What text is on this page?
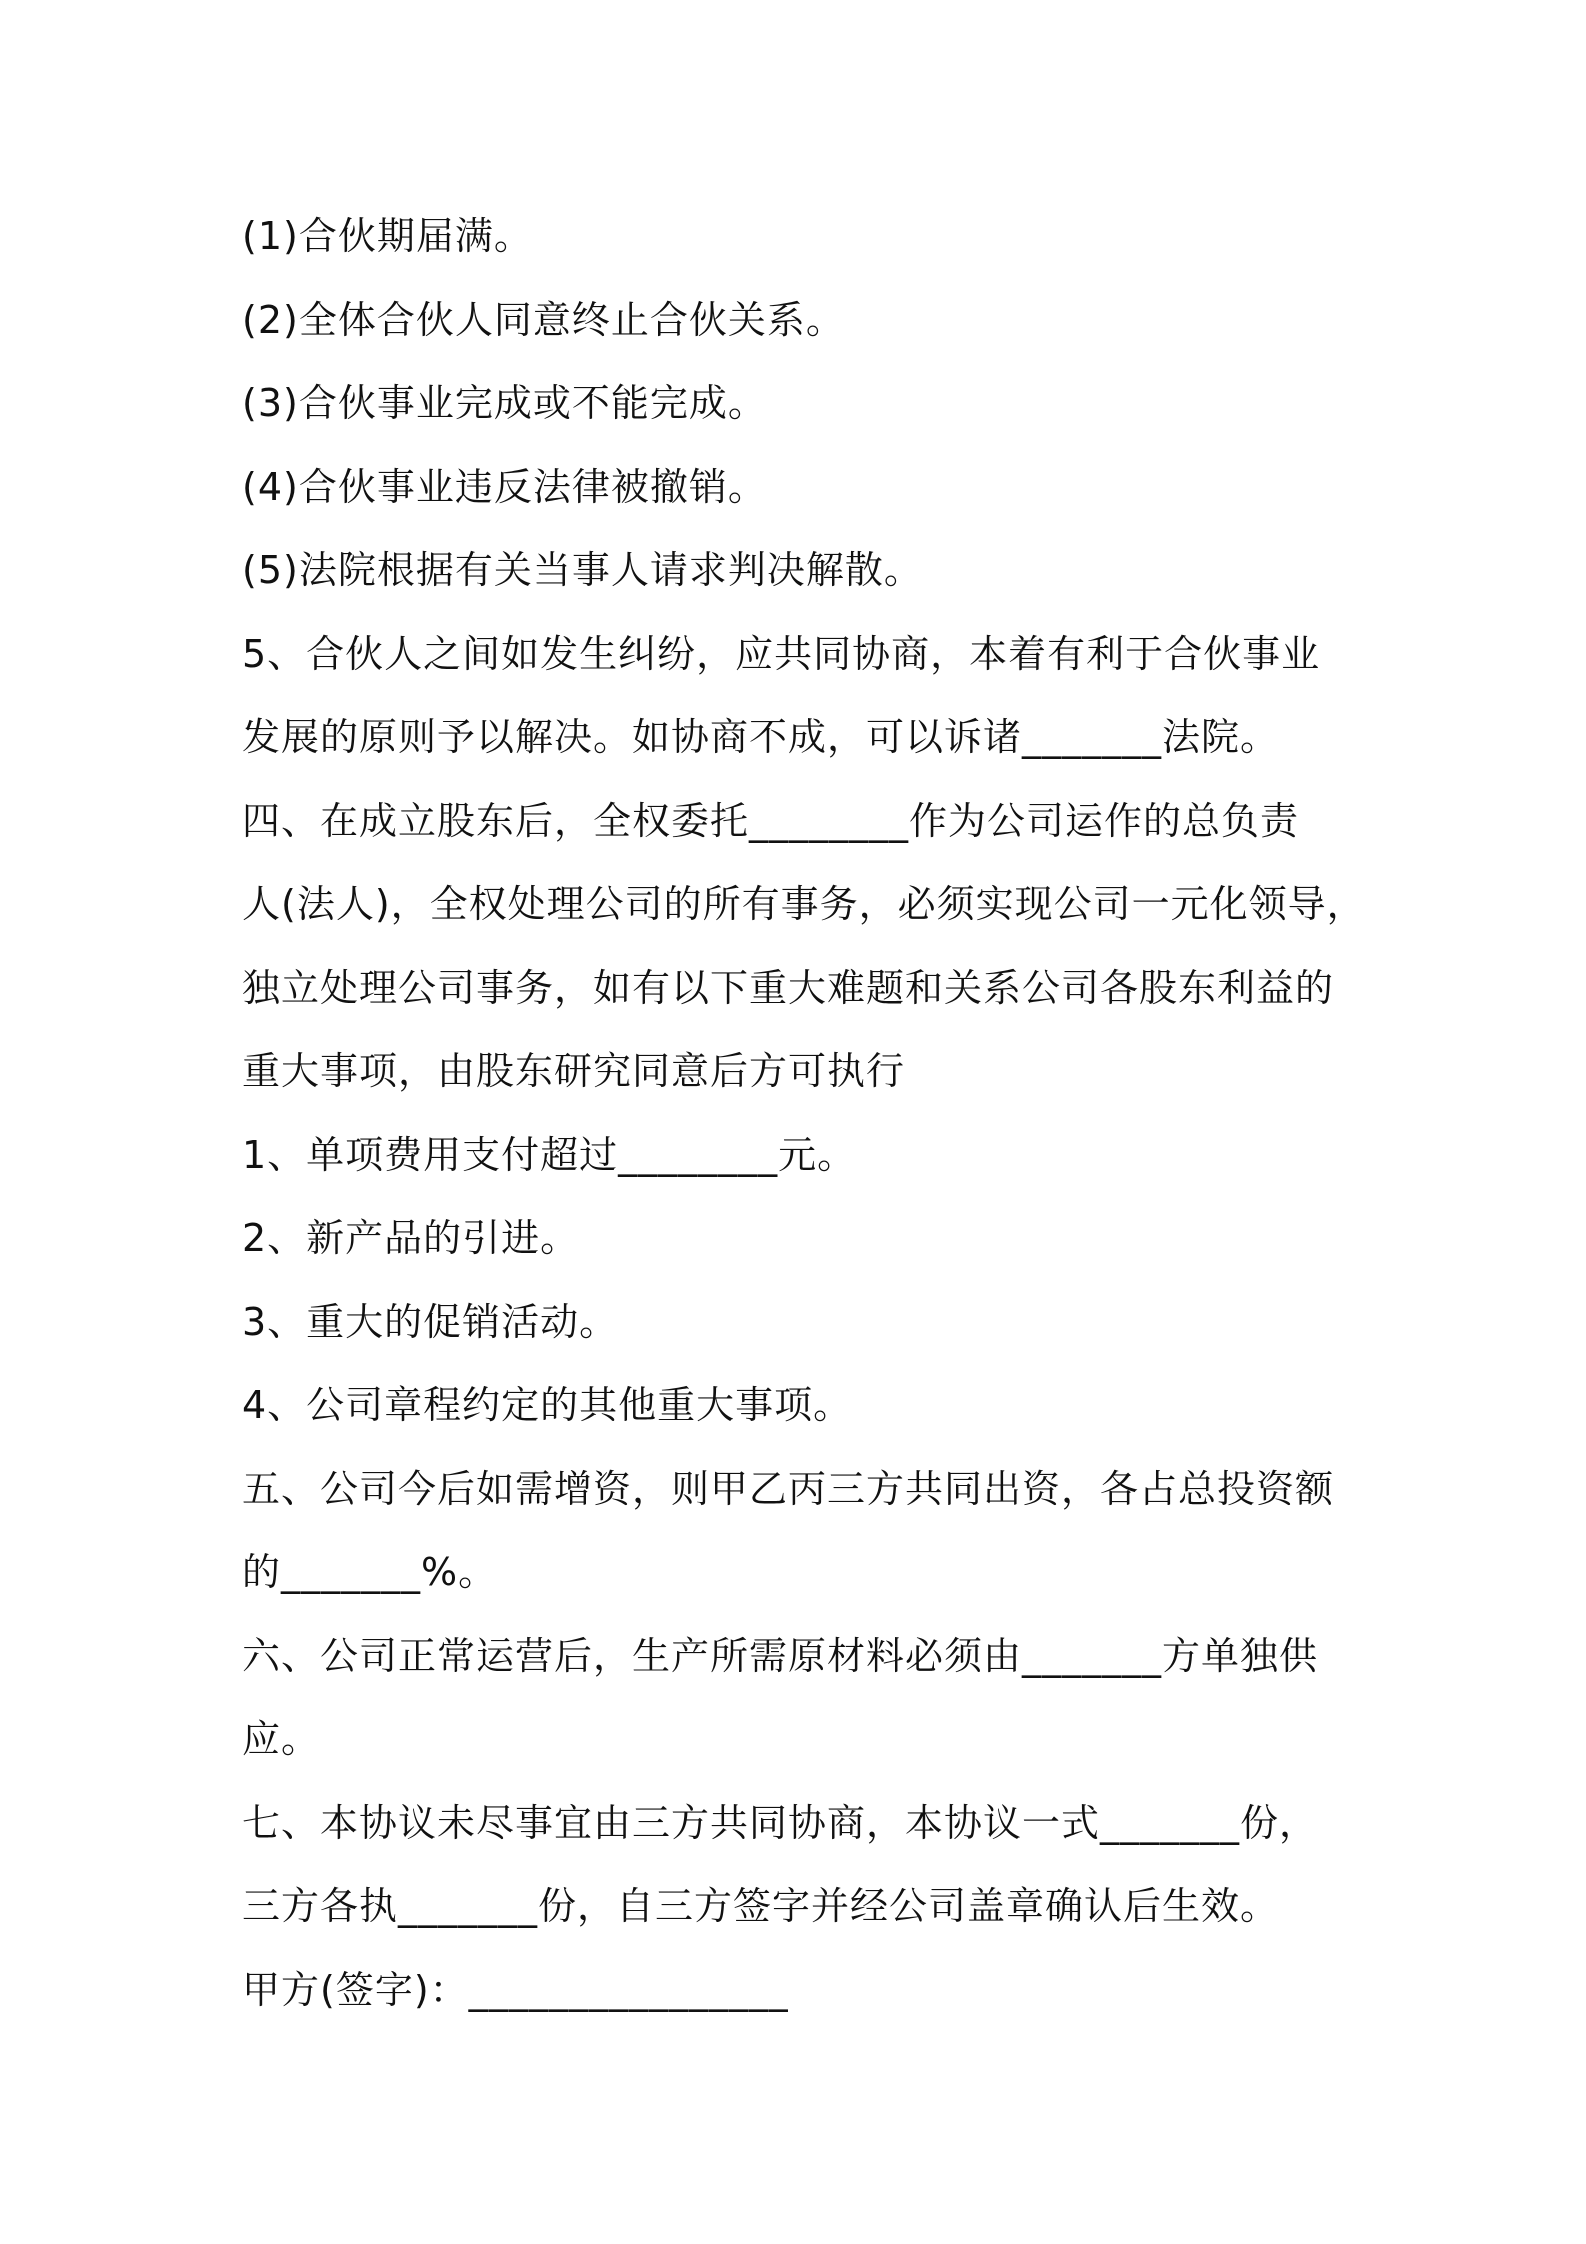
(1)合伙期届满。
(2)全体合伙人同意终止合伙关系。
(3)合伙事业完成或不能完成。
(4)合伙事业违反法律被撤销。
(5)法院根据有关当事人请求判决解散。
5、合伙人之间如发生纠纷，应共同协商，本着有利于合伙事业
发展的原则予以解决。如协商不成，可以诉诸_______法院。
四、在成立股东后，全权委托________作为公司运作的总负责
人(法人)，全权处理公司的所有事务，必须实现公司一元化领导，
独立处理公司事务，如有以下重大难题和关系公司各股东利益的
重大事项，由股东研究同意后方可执行
1、单项费用支付超过________元。
2、新产品的引进。
3、重大的促销活动。
4、公司章程约定的其他重大事项。
五、公司今后如需增资，则甲乙丙三方共同出资，各占总投资额
的_______%。
六、公司正常运营后，生产所需原材料必须由_______方单独供
应。
七、本协议未尽事宜由三方共同协商，本协议一式_______份，
三方各执_______份，自三方签字并经公司盖章确认后生效。
甲方(签字)：________________
